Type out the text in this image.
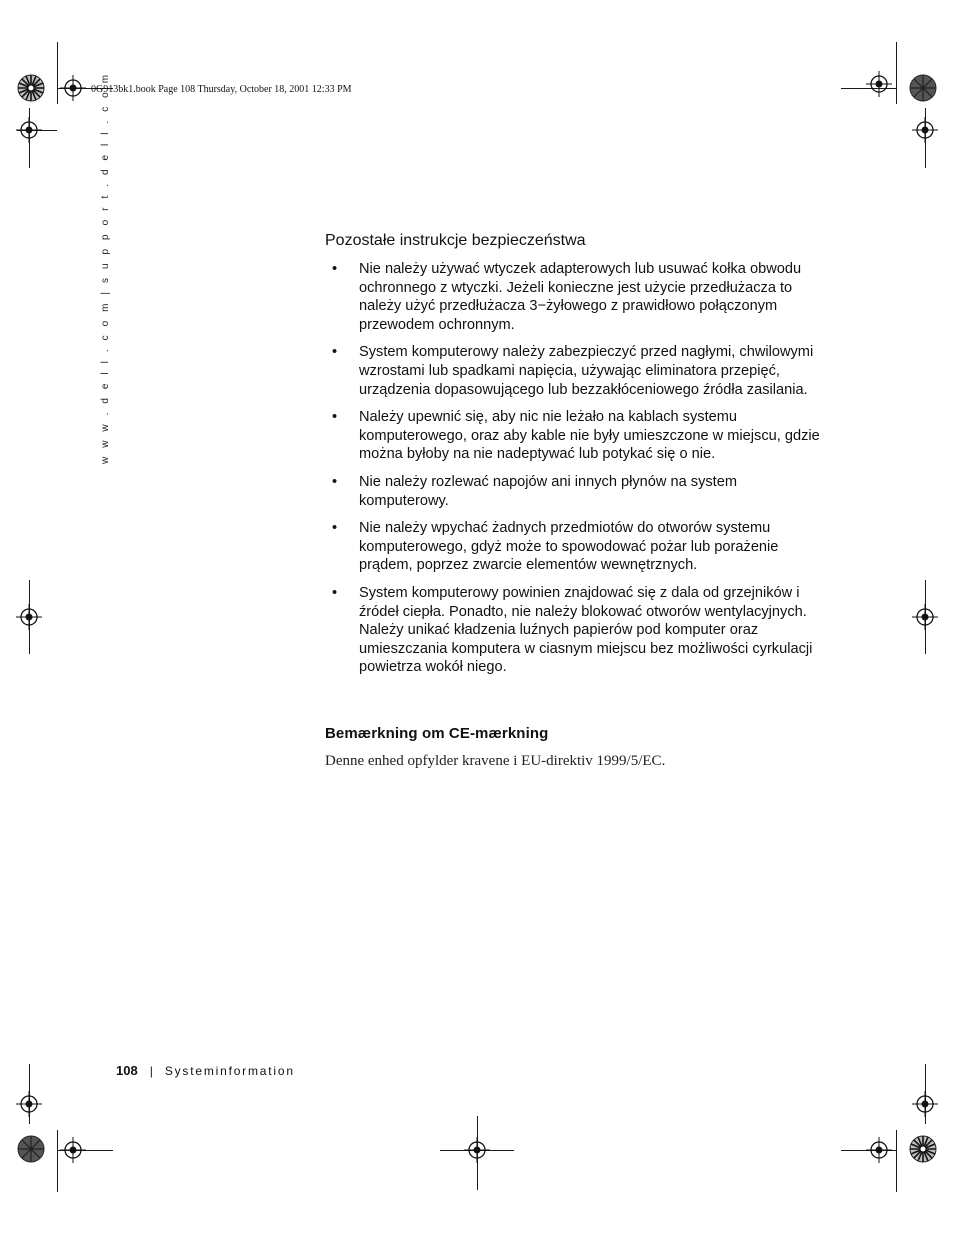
0G913bk1.book Page 108 Thursday, October 18, 2001 12:33 PM
w w w . d e l l . c o m | s u p p o r t . d e l l . c o m	Pozostałe instrukcje bezpieczeństwa
• Nie należy używać wtyczek adapterowych lub usuwać kołka obwodu ochronnego z wtyczki. Jeżeli konieczne jest użycie przedłużacza to należy użyć przedłużacza 3−żyłowego z prawidłowo połączonym przewodem ochronnym.
• System komputerowy należy zabezpieczyć przed nagłymi, chwilowymi wzrostami lub spadkami napięcia, używając eliminatora przepięć, urządzenia dopasowującego lub bezzakłóceniowego źródła zasilania.
• Należy upewnić się, aby nic nie leżało na kablach systemu komputerowego, oraz aby kable nie były umieszczone w miejscu, gdzie można byłoby na nie nadeptywać lub potykać się o nie.
• Nie należy rozlewać napojów ani innych płynów na system komputerowy.
• Nie należy wpychać żadnych przedmiotów do otworów systemu komputerowego, gdyż może to spowodować pożar lub porażenie prądem, poprzez zwarcie elementów wewnętrznych.
• System komputerowy powinien znajdować się z dala od grzejników i źródeł ciepła. Ponadto, nie należy blokować otworów wentylacyjnych. Należy unikać kładzenia luźnych papierów pod komputer oraz umieszczania komputera w ciasnym miejscu bez możliwości cyrkulacji powietrza wokół niego.
Bemærkning om CE-mærkning

Denne enhed opfylder kravene i EU-direktiv 1999/5/EC.

108 | Systeminformation
